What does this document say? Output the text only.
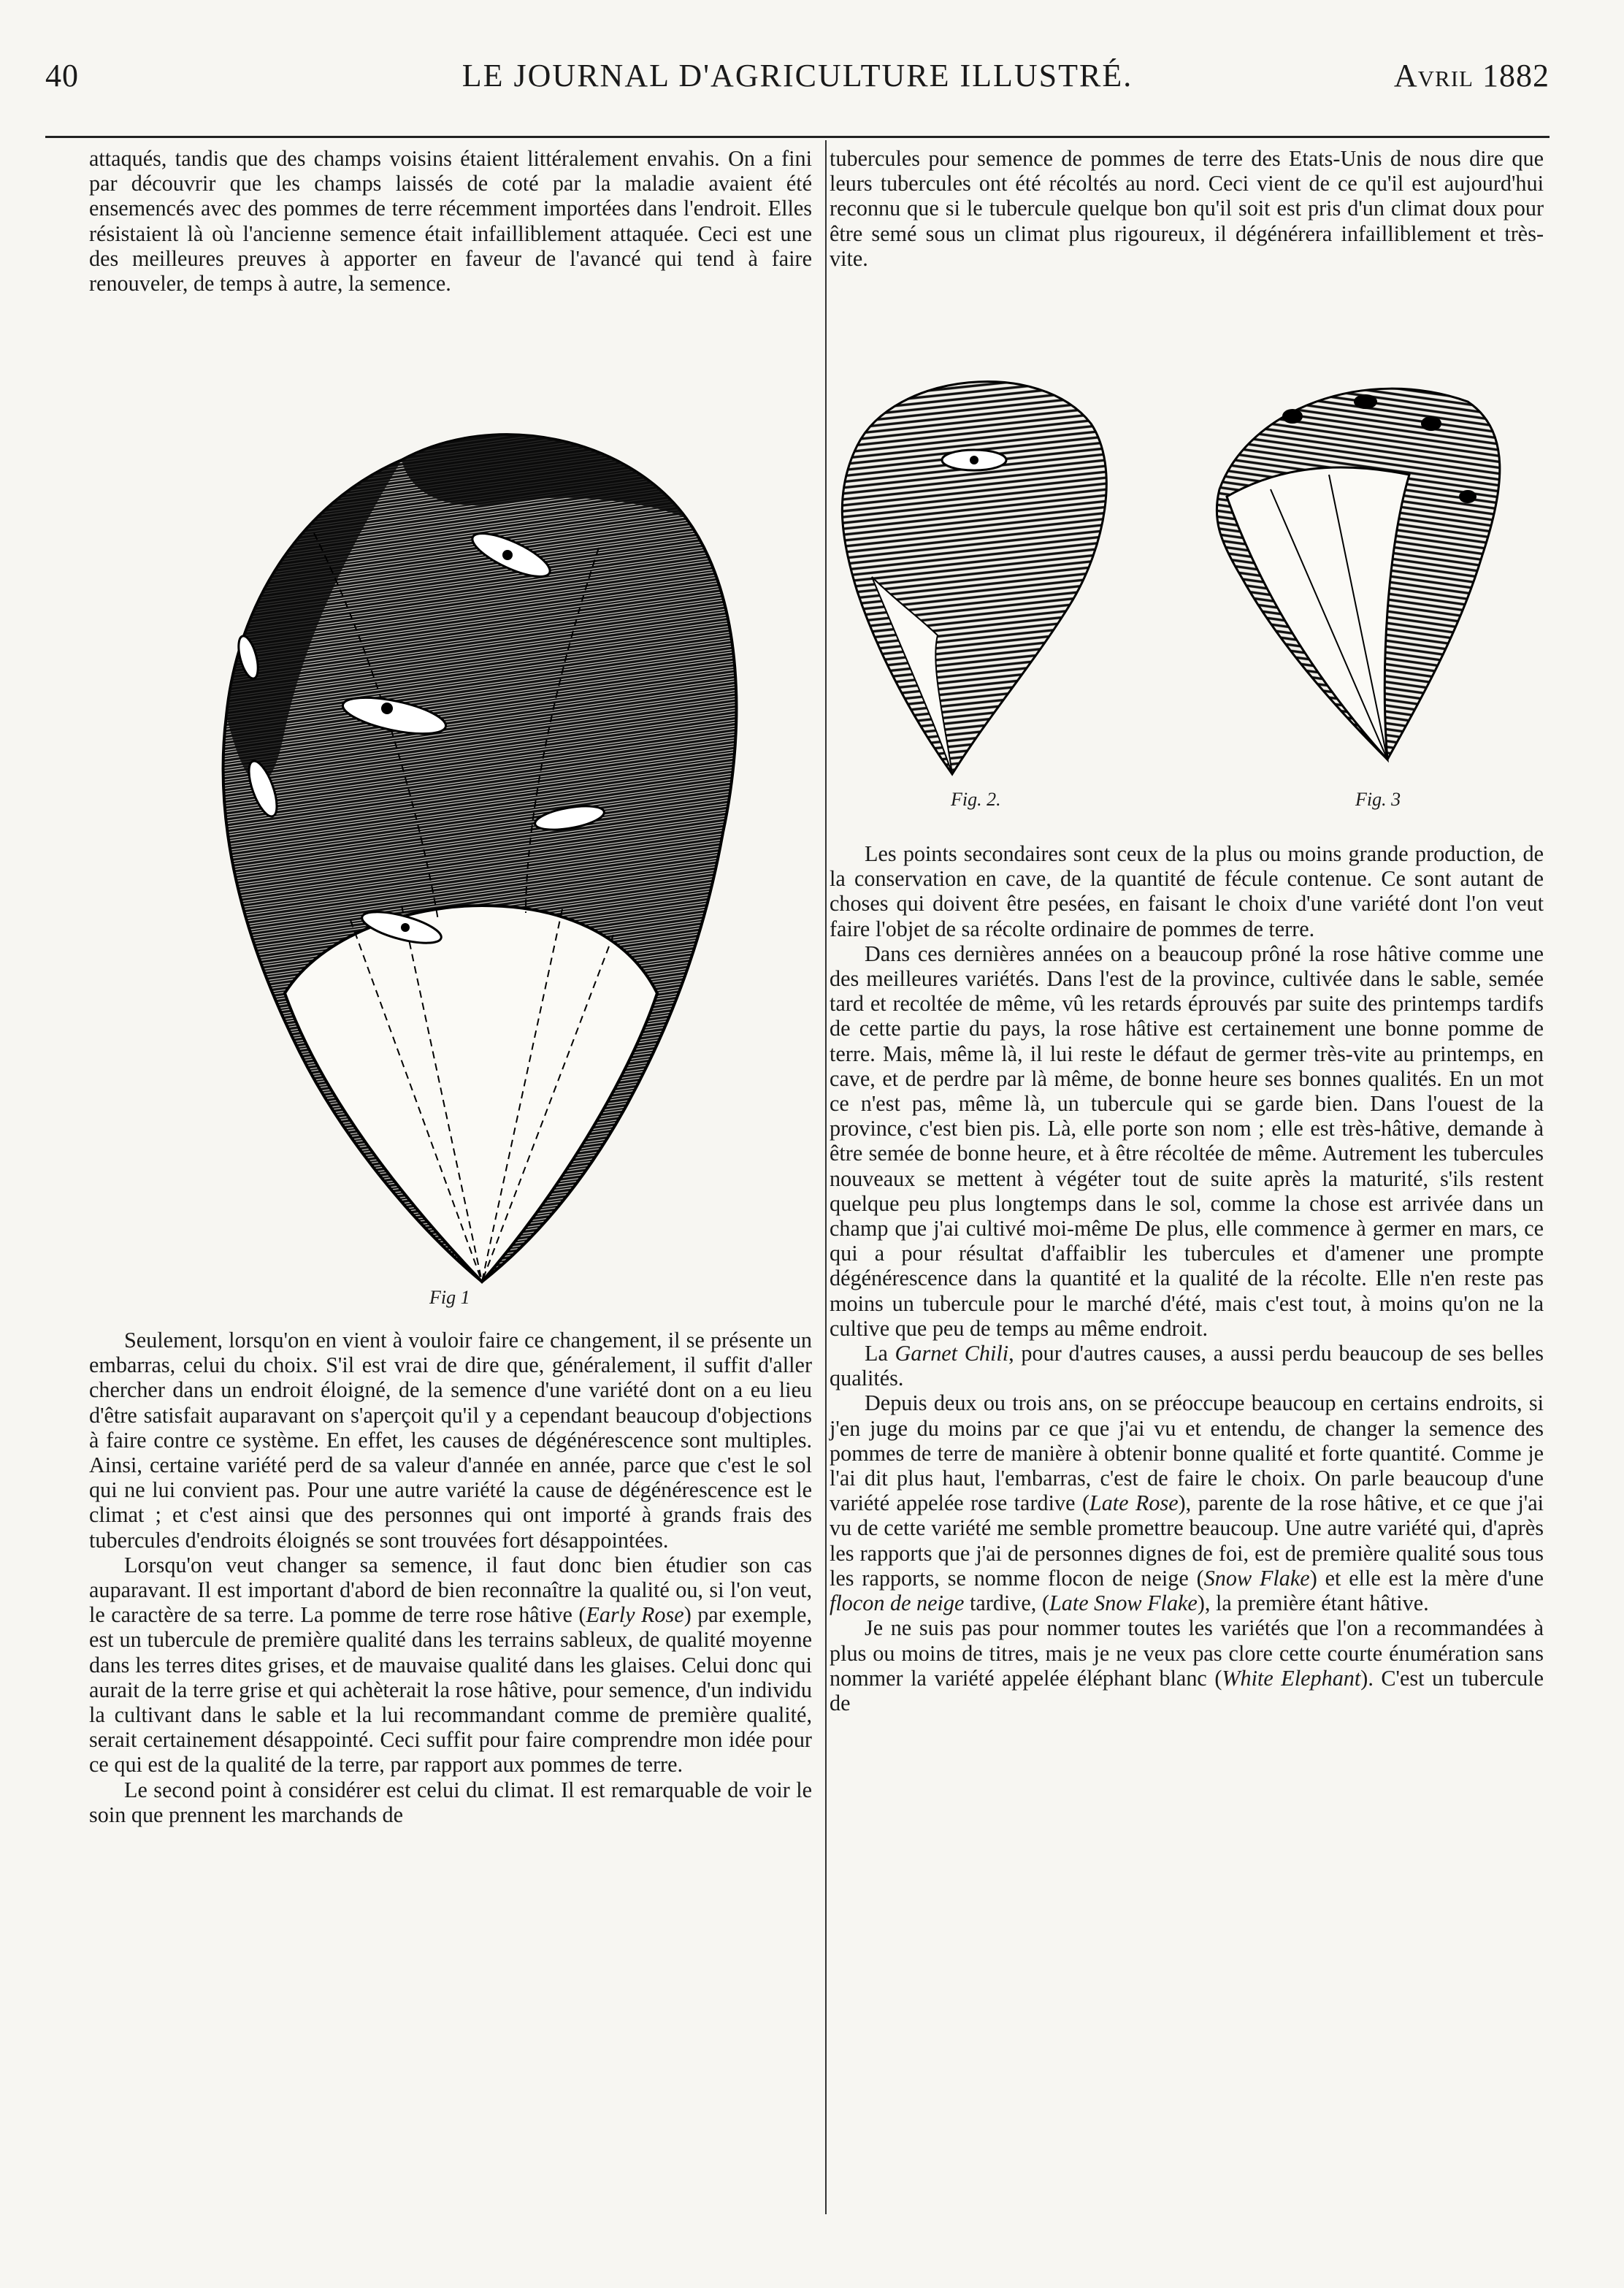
40	LE JOURNAL D'AGRICULTURE ILLUSTRÉ.	Avril 1882

attaqués, tandis que des champs voisins étaient littéralement envahis. On a fini par découvrir que les champs laissés de coté par la maladie avaient été ensemencés avec des pommes de terre récemment importées dans l'endroit. Elles résistaient là où l'ancienne semence était infailliblement attaquée. Ceci est une des meilleures preuves à apporter en faveur de l'avancé qui tend à faire renouveler, de temps à autre, la semence.

Fig 1

Seulement, lorsqu'on en vient à vouloir faire ce changement, il se présente un embarras, celui du choix. S'il est vrai de dire que, généralement, il suffit d'aller chercher dans un endroit éloigné, de la semence d'une variété dont on a eu lieu d'être satisfait auparavant on s'aperçoit qu'il y a cependant beaucoup d'objections à faire contre ce système. En effet, les causes de dégénérescence sont multiples. Ainsi, certaine variété perd de sa valeur d'année en année, parce que c'est le sol qui ne lui convient pas. Pour une autre variété la cause de dégénérescence est le climat ; et c'est ainsi que des personnes qui ont importé à grands frais des tubercules d'endroits éloignés se sont trouvées fort désappointées.

Lorsqu'on veut changer sa semence, il faut donc bien étudier son cas auparavant. Il est important d'abord de bien reconnaître la qualité ou, si l'on veut, le caractère de sa terre. La pomme de terre rose hâtive (Early Rose) par exemple, est un tubercule de première qualité dans les terrains sableux, de qualité moyenne dans les terres dites grises, et de mauvaise qualité dans les glaises. Celui donc qui aurait de la terre grise et qui achèterait la rose hâtive, pour semence, d'un individu la cultivant dans le sable et la lui recommandant comme de première qualité, serait certainement désappointé. Ceci suffit pour faire comprendre mon idée pour ce qui est de la qualité de la terre, par rapport aux pommes de terre.

Le second point à considérer est celui du climat. Il est remarquable de voir le soin que prennent les marchands de

tubercules pour semence de pommes de terre des Etats-Unis de nous dire que leurs tubercules ont été récoltés au nord. Ceci vient de ce qu'il est aujourd'hui reconnu que si le tubercule quelque bon qu'il soit est pris d'un climat doux pour être semé sous un climat plus rigoureux, il dégénérera infailliblement et très-vite.

Fig. 2.	Fig. 3

Les points secondaires sont ceux de la plus ou moins grande production, de la conservation en cave, de la quantité de fécule contenue. Ce sont autant de choses qui doivent être pesées, en faisant le choix d'une variété dont l'on veut faire l'objet de sa récolte ordinaire de pommes de terre.

Dans ces dernières années on a beaucoup prôné la rose hâtive comme une des meilleures variétés. Dans l'est de la province, cultivée dans le sable, semée tard et recoltée de même, vû les retards éprouvés par suite des printemps tardifs de cette partie du pays, la rose hâtive est certainement une bonne pomme de terre. Mais, même là, il lui reste le défaut de germer très-vite au printemps, en cave, et de perdre par là même, de bonne heure ses bonnes qualités. En un mot ce n'est pas, même là, un tubercule qui se garde bien. Dans l'ouest de la province, c'est bien pis. Là, elle porte son nom ; elle est très-hâtive, demande à être semée de bonne heure, et à être récoltée de même. Autrement les tubercules nouveaux se mettent à végéter tout de suite après la maturité, s'ils restent quelque peu plus longtemps dans le sol, comme la chose est arrivée dans un champ que j'ai cultivé moi-même De plus, elle commence à germer en mars, ce qui a pour résultat d'affaiblir les tubercules et d'amener une prompte dégénérescence dans la quantité et la qualité de la récolte. Elle n'en reste pas moins un tubercule pour le marché d'été, mais c'est tout, à moins qu'on ne la cultive que peu de temps au même endroit.

La Garnet Chili, pour d'autres causes, a aussi perdu beaucoup de ses belles qualités.

Depuis deux ou trois ans, on se préoccupe beaucoup en certains endroits, si j'en juge du moins par ce que j'ai vu et entendu, de changer la semence des pommes de terre de manière à obtenir bonne qualité et forte quantité. Comme je l'ai dit plus haut, l'embarras, c'est de faire le choix. On parle beaucoup d'une variété appelée rose tardive (Late Rose), parente de la rose hâtive, et ce que j'ai vu de cette variété me semble promettre beaucoup. Une autre variété qui, d'après les rapports que j'ai de personnes dignes de foi, est de première qualité sous tous les rapports, se nomme flocon de neige (Snow Flake) et elle est la mère d'une flocon de neige tardive, (Late Snow Flake), la première étant hâtive.

Je ne suis pas pour nommer toutes les variétés que l'on a recommandées à plus ou moins de titres, mais je ne veux pas clore cette courte énumération sans nommer la variété appelée éléphant blanc (White Elephant). C'est un tubercule de
